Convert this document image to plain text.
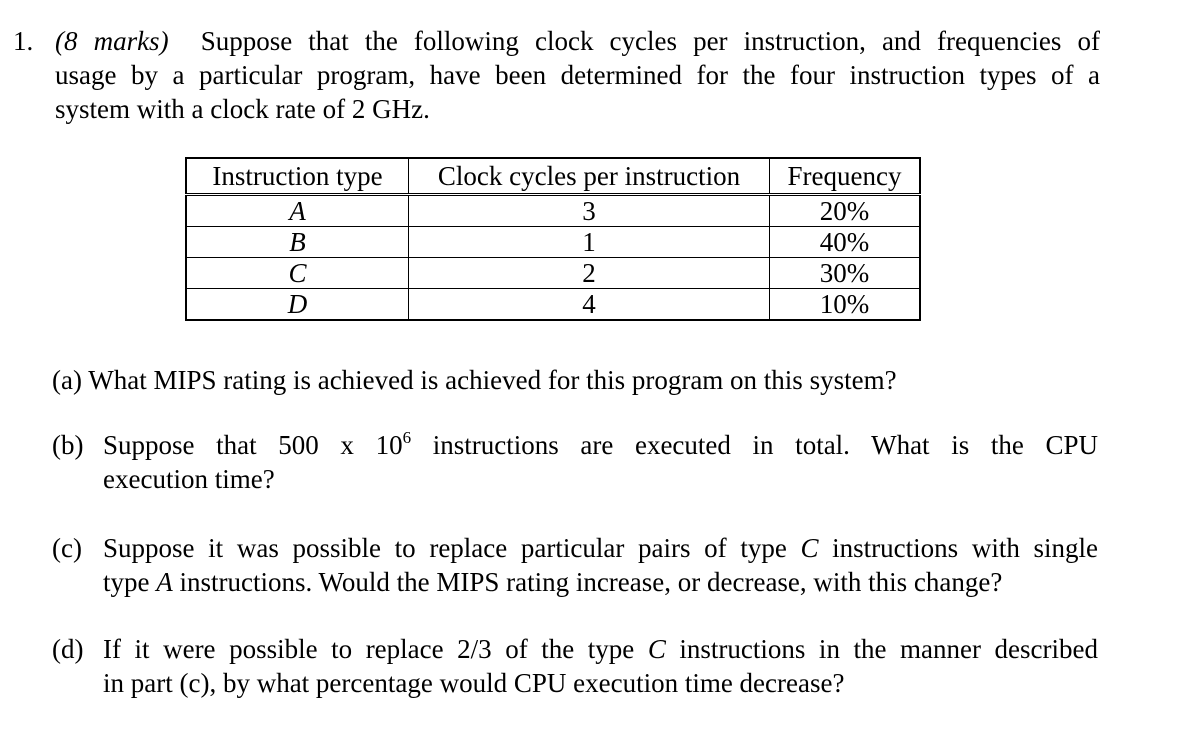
1. (8 marks) Suppose that the following clock cycles per instruction, and frequencies of
usage by a particular program, have been determined for the four instruction types of a
system with a clock rate of 2 GHz.
Instruction type	Clock cycles per instruction	Frequency
A	3	20%
B	1	40%
C	2	30%
D	4	10%
(a) What MIPS rating is achieved is achieved for this program on this system?
(b) Suppose that 500 x $10^6$ instructions are executed in total. What is the CPU
execution time?
(c) Suppose it was possible to replace particular pairs of type C instructions with single
type A instructions. Would the MIPS rating increase, or decrease, with this change?
(d) If it were possible to replace 2/3 of the type C instructions in the manner described
in part (c), by what percentage would CPU execution time decrease?
